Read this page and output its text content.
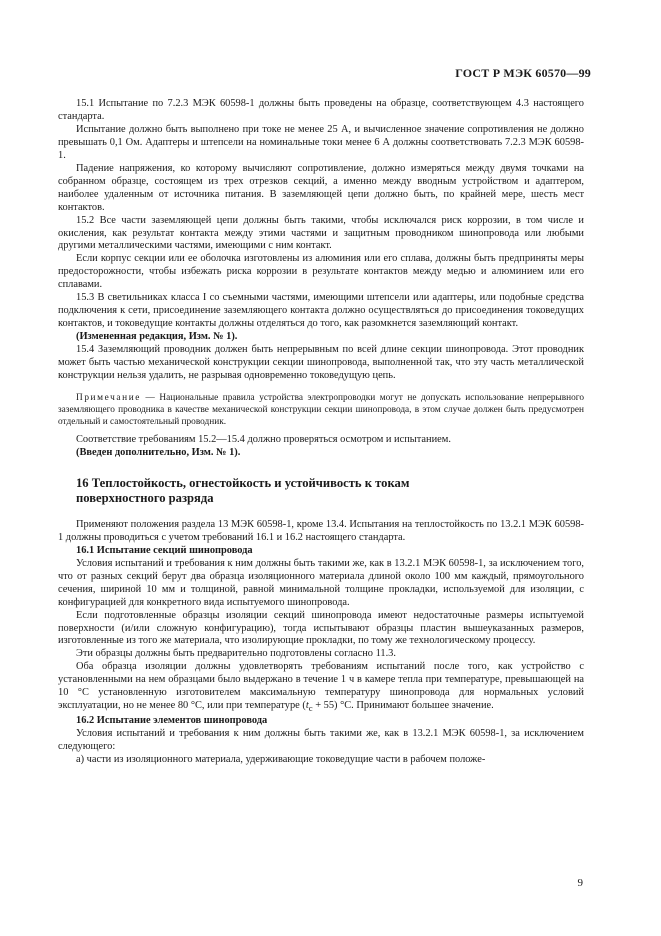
ГОСТ Р МЭК 60570—99

15.1 Испытание по 7.2.3 МЭК 60598-1 должны быть проведены на образце, соответствующем 4.3 настоящего стандарта.

Испытание должно быть выполнено при токе не менее 25 А, и вычисленное значение сопротивления не должно превышать 0,1 Ом. Адаптеры и штепсели на номинальные токи менее 6 А должны соответствовать 7.2.3 МЭК 60598-1.

Падение напряжения, ко которому вычисляют сопротивление, должно измеряться между двумя точками на собранном образце, состоящем из трех отрезков секций, а именно между вводным устройством и адаптером, наиболее удаленным от источника питания. В заземляющей цепи должно быть, по крайней мере, шесть мест контактов.

15.2 Все части заземляющей цепи должны быть такими, чтобы исключался риск коррозии, в том числе и окисления, как результат контакта между этими частями и защитным проводником шинопровода или любыми другими металлическими частями, имеющими с ним контакт.

Если корпус секции или ее оболочка изготовлены из алюминия или его сплава, должны быть предприняты меры предосторожности, чтобы избежать риска коррозии в результате контактов между медью и алюминием или его сплавами.

15.3 В светильниках класса I со съемными частями, имеющими штепсели или адаптеры, или подобные средства подключения к сети, присоединение заземляющего контакта должно осуществляться до присоединения токоведущих контактов, и токоведущие контакты должны отделяться до того, как разомкнется заземляющий контакт.

(Измененная редакция, Изм. № 1).

15.4 Заземляющий проводник должен быть непрерывным по всей длине секции шинопровода. Этот проводник может быть частью механической конструкции секции шинопровода, выполненной так, что эту часть металлической конструкции нельзя удалить, не разрывая одновременно токоведущую цепь.

Примечание — Национальные правила устройства электропроводки могут не допускать использование непрерывного заземляющего проводника в качестве механической конструкции секции шинопровода, в этом случае должен быть предусмотрен отдельный и самостоятельный проводник.

Соответствие требованиям 15.2—15.4 должно проверяться осмотром и испытанием.

(Введен дополнительно, Изм. № 1).

16 Теплостойкость, огнестойкость и устойчивость к токам
поверхностного разряда

Применяют положения раздела 13 МЭК 60598-1, кроме 13.4. Испытания на теплостойкость по 13.2.1 МЭК 60598-1 должны проводиться с учетом требований 16.1 и 16.2 настоящего стандарта.

16.1 Испытание секций шинопровода

Условия испытаний и требования к ним должны быть такими же, как в 13.2.1 МЭК 60598-1, за исключением того, что от разных секций берут два образца изоляционного материала длиной около 100 мм каждый, прямоугольного сечения, шириной 10 мм и толщиной, равной минимальной толщине прокладки, используемой для изоляции, с конфигурацией для конкретного вида испытуемого шинопровода.

Если подготовленные образцы изоляции секций шинопровода имеют недостаточные размеры испытуемой поверхности (и/или сложную конфигурацию), тогда испытывают образцы пластин вышеуказанных размеров, изготовленные из того же материала, что изолирующие прокладки, по тому же технологическому процессу.

Эти образцы должны быть предварительно подготовлены согласно 11.3.

Оба образца изоляции должны удовлетворять требованиям испытаний после того, как устройство с установленными на нем образцами было выдержано в течение 1 ч в камере тепла при температуре, превышающей на 10 °С установленную изготовителем максимальную температуру шинопровода для нормальных условий эксплуатации, но не менее 80 °С, или при температуре $(t_c + 55)$ °С. Принимают большее значение.

16.2 Испытание элементов шинопровода

Условия испытаний и требования к ним должны быть такими же, как в 13.2.1 МЭК 60598-1, за исключением следующего:

а) части из изоляционного материала, удерживающие токоведущие части в рабочем положе-

9
